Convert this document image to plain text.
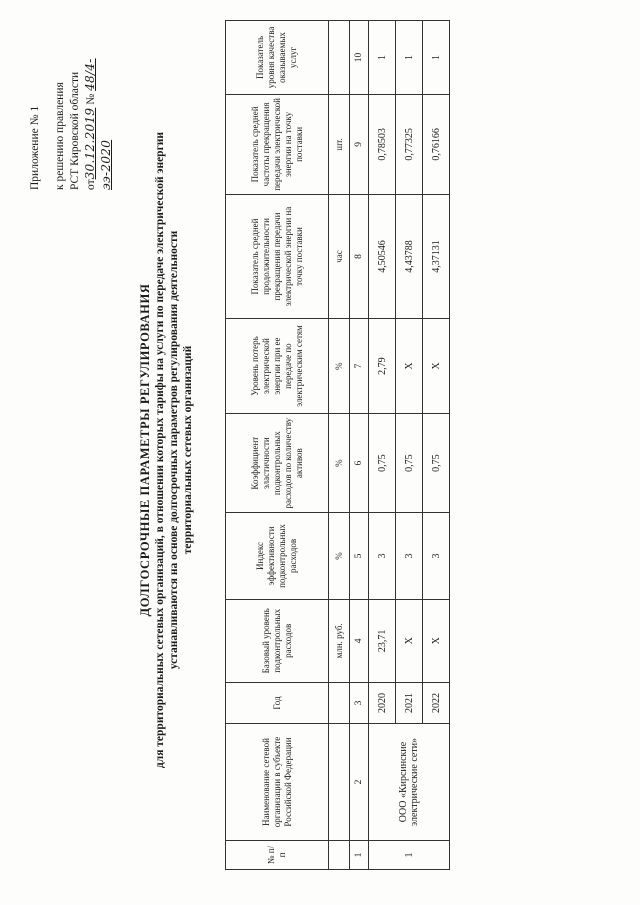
Приложение № 1 к решению правления РСТ Кировской области от30.12.2019 № 48/4-ээ-2020
ДОЛГОСРОЧНЫЕ ПАРАМЕТРЫ РЕГУЛИРОВАНИЯ для территориальных сетевых организаций, в отношении которых тарифы на услуги по передаче электрической энергии устанавливаются на основе долгосрочных параметров регулирования деятельности территориальных сетевых организаций
№ п/п	Наименование сетевой организации в субъекте Российской Федерации	Год	Базовый уровень подконтрольных расходов	Индекс эффективности подконтрольных расходов	Коэффициент эластичности подконтрольных расходов по количеству активов	Уровень потерь электрической энергии при ее передаче по электрическим сетям	Показатель средней продолжительности прекращения передачи электрической энергии на точку поставки	Показатель средней частоты прекращения передачи электрической энергии на точку поставки	Показатель уровня качества оказываемых услуг
			млн. руб.	%	%	%	час	шт.	
1	2	3	4	5	6	7	8	9	10
1	ООО «Кирсинские электрические сети»	2020	23,71	3	0,75	2,79	4,50546	0,78503	1
		2021	X	3	0,75	X	4,43788	0,77325	1
		2022	X	3	0,75	X	4,37131	0,76166	1
